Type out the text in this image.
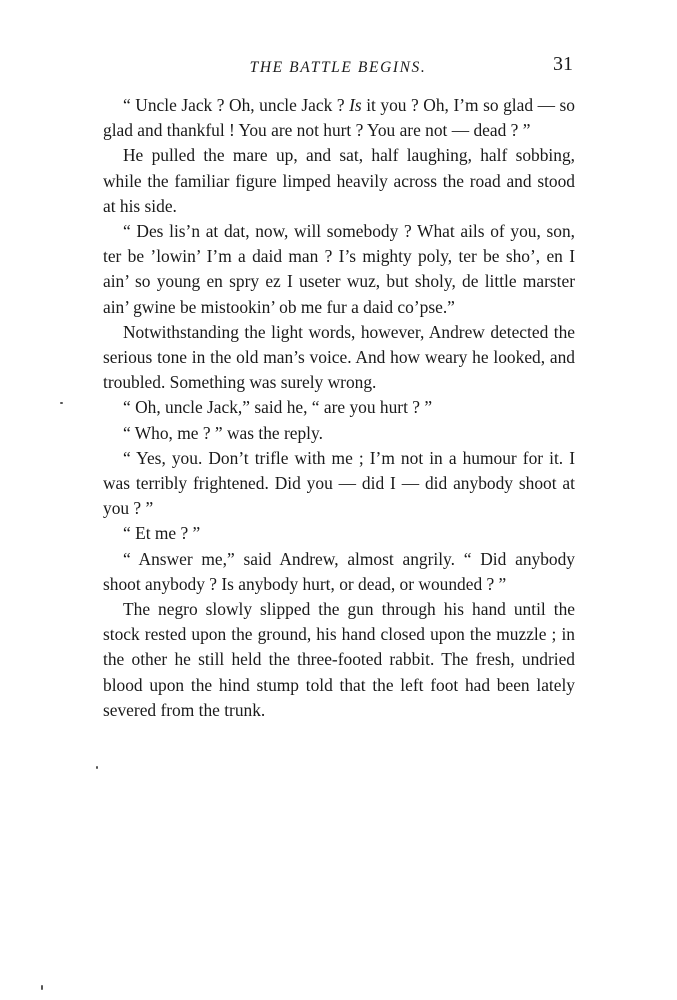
THE BATTLE BEGINS.	31

“ Uncle Jack ? Oh, uncle Jack ? Is it you ? Oh, I’m so glad — so glad and thankful ! You are not hurt ? You are not — dead ? ”

He pulled the mare up, and sat, half laughing, half sobbing, while the familiar figure limped heavily across the road and stood at his side.

“ Des lis’n at dat, now, will somebody ? What ails of you, son, ter be ’lowin’ I’m a daid man ? I’s mighty poly, ter be sho’, en I ain’ so young en spry ez I useter wuz, but sholy, de little marster ain’ gwine be mistookin’ ob me fur a daid co’pse.”

Notwithstanding the light words, however, Andrew detected the serious tone in the old man’s voice. And how weary he looked, and troubled. Something was surely wrong.

“ Oh, uncle Jack,” said he, “ are you hurt ? ”

“ Who, me ? ” was the reply.

“ Yes, you. Don’t trifle with me ; I’m not in a humour for it. I was terribly frightened. Did you — did I — did anybody shoot at you ? ”

“ Et me ? ”

“ Answer me,” said Andrew, almost angrily. “ Did anybody shoot anybody ? Is anybody hurt, or dead, or wounded ? ”

The negro slowly slipped the gun through his hand until the stock rested upon the ground, his hand closed upon the muzzle ; in the other he still held the three-footed rabbit. The fresh, undried blood upon the hind stump told that the left foot had been lately severed from the trunk.
